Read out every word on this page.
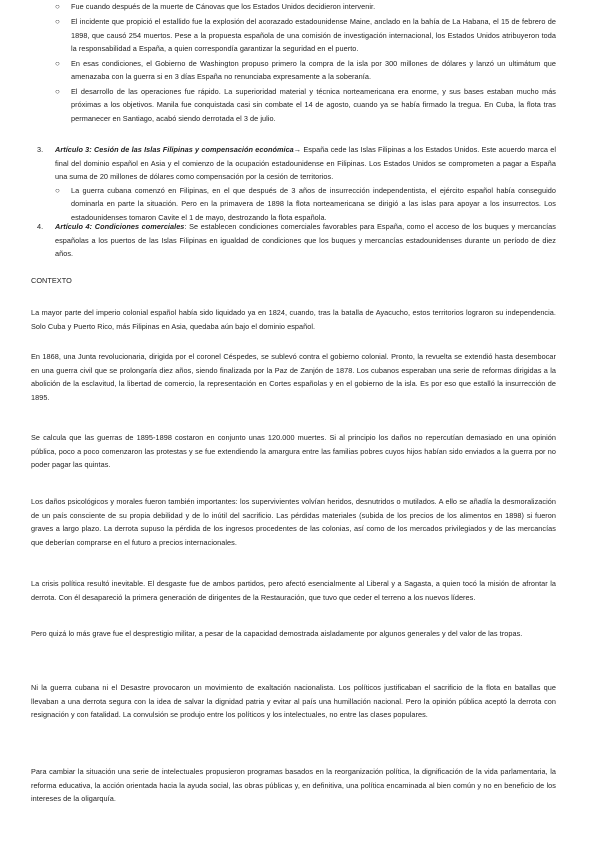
○ Fue cuando después de la muerte de Cánovas que los Estados Unidos decidieron intervenir.

○ El incidente que propició el estallido fue la explosión del acorazado estadounidense Maine, anclado en la bahía de La Habana, el 15 de febrero de 1898, que causó 254 muertos. Pese a la propuesta española de una comisión de investigación internacional, los Estados Unidos atribuyeron toda la responsabilidad a España, a quien correspondía garantizar la seguridad en el puerto.

○ En esas condiciones, el Gobierno de Washington propuso primero la compra de la isla por 300 millones de dólares y lanzó un ultimátum que amenazaba con la guerra si en 3 días España no renunciaba expresamente a la soberanía.

○ El desarrollo de las operaciones fue rápido. La superioridad material y técnica norteamericana era enorme, y sus bases estaban mucho más próximas a los objetivos. Manila fue conquistada casi sin combate el 14 de agosto, cuando ya se había firmado la tregua. En Cuba, la flota tras permanecer en Santiago, acabó siendo derrotada el 3 de julio.

3.	Artículo 3: Cesión de las Islas Filipinas y compensación económica→ España cede las Islas Filipinas a los Estados Unidos. Este acuerdo marca el final del dominio español en Asia y el comienzo de la ocupación estadounidense en Filipinas. Los Estados Unidos se comprometen a pagar a España una suma de 20 millones de dólares como compensación por la cesión de territorios.

○ La guerra cubana comenzó en Filipinas, en el que después de 3 años de insurrección independentista, el ejército español había conseguido dominarla en parte la situación. Pero en la primavera de 1898 la flota norteamericana se dirigió a las islas para apoyar a los insurrectos. Los estadounidenses tomaron Cavite el 1 de mayo, destrozando la flota española.

4.	Artículo 4: Condiciones comerciales: Se establecen condiciones comerciales favorables para España, como el acceso de los buques y mercancías españolas a los puertos de las Islas Filipinas en igualdad de condiciones que los buques y mercancías estadounidenses durante un período de diez años.

CONTEXTO

La mayor parte del imperio colonial español había sido liquidado ya en 1824, cuando, tras la batalla de Ayacucho, estos territorios lograron su independencia. Solo Cuba y Puerto Rico, más Filipinas en Asia, quedaba aún bajo el dominio español.

En 1868, una Junta revolucionaria, dirigida por el coronel Céspedes, se sublevó contra el gobierno colonial. Pronto, la revuelta se extendió hasta desembocar en una guerra civil que se prolongaría diez años, siendo finalizada por la Paz de Zanjón de 1878. Los cubanos esperaban una serie de reformas dirigidas a la abolición de la esclavitud, la libertad de comercio, la representación en Cortes españolas y en el gobierno de la isla. Es por eso que estalló la insurrección de 1895.

Se calcula que las guerras de 1895-1898 costaron en conjunto unas 120.000 muertes. Si al principio los daños no repercutían demasiado en una opinión pública, poco a poco comenzaron las protestas y se fue extendiendo la amargura entre las familias pobres cuyos hijos habían sido enviados a la guerra por no poder pagar las quintas.

Los daños psicológicos y morales fueron también importantes: los supervivientes volvían heridos, desnutridos o mutilados. A ello se añadía la desmoralización de un país consciente de su propia debilidad y de lo inútil del sacrificio. Las pérdidas materiales (subida de los precios de los alimentos en 1898) si fueron graves a largo plazo. La derrota supuso la pérdida de los ingresos procedentes de las colonias, así como de los mercados privilegiados y de las mercancías que deberían comprarse en el futuro a precios internacionales.

La crisis política resultó inevitable. El desgaste fue de ambos partidos, pero afectó esencialmente al Liberal y a Sagasta, a quien tocó la misión de afrontar la derrota. Con él desapareció la primera generación de dirigentes de la Restauración, que tuvo que ceder el terreno a los nuevos líderes.

Pero quizá lo más grave fue el desprestigio militar, a pesar de la capacidad demostrada aisladamente por algunos generales y del valor de las tropas.

Ni la guerra cubana ni el Desastre provocaron un movimiento de exaltación nacionalista. Los políticos justificaban el sacrificio de la flota en batallas que llevaban a una derrota segura con la idea de salvar la dignidad patria y evitar al país una humillación nacional. Pero la opinión pública aceptó la derrota con resignación y con fatalidad. La convulsión se produjo entre los políticos y los intelectuales, no entre las clases populares.

Para cambiar la situación una serie de intelectuales propusieron programas basados en la reorganización política, la dignificación de la vida parlamentaria, la reforma educativa, la acción orientada hacia la ayuda social, las obras públicas y, en definitiva, una política encaminada al bien común y no en beneficio de los intereses de la oligarquía.
